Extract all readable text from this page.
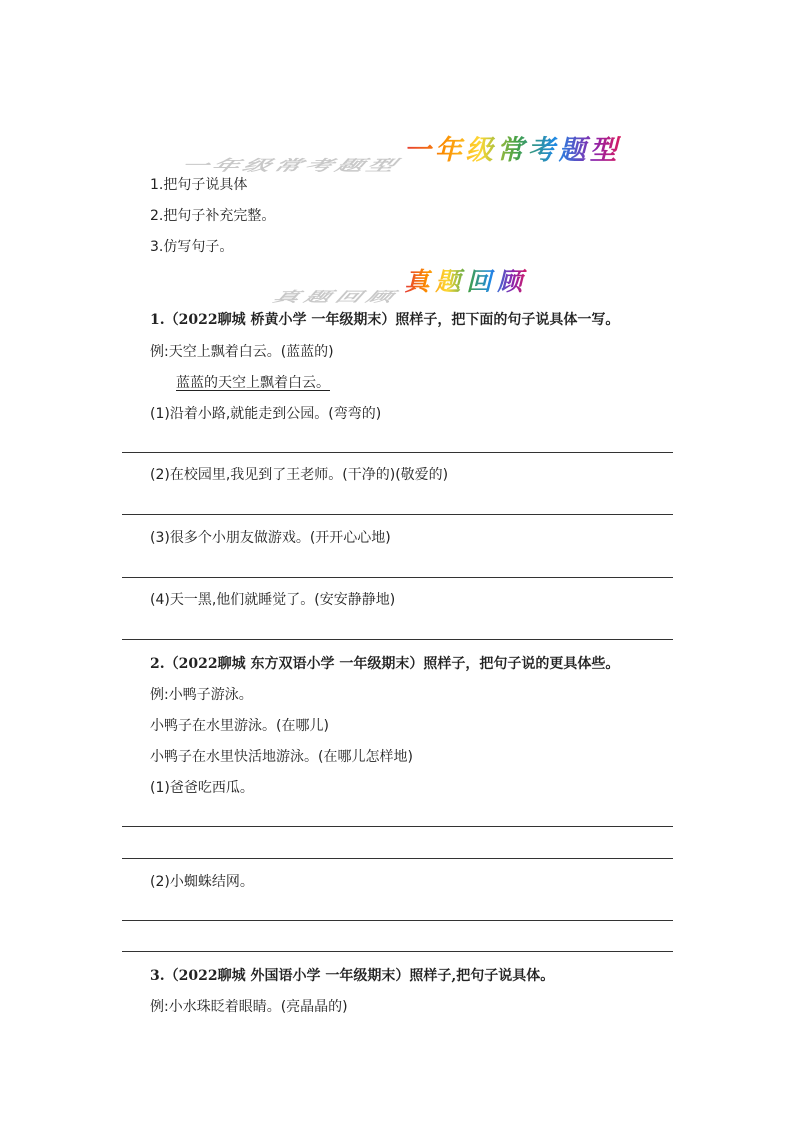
一年级常考题型 一年级常考题型
1.把句子说具体
2.把句子补充完整。
3.仿写句子。
真题回顾 真题回顾
1.（2022聊城 桥黄小学 一年级期末）照样子，把下面的句子说具体一写。
例:天空上飘着白云。(蓝蓝的)
蓝蓝的天空上飘着白云。
(1)沿着小路,就能走到公园。(弯弯的)
(2)在校园里,我见到了王老师。(干净的)(敬爱的)
(3)很多个小朋友做游戏。(开开心心地)
(4)天一黑,他们就睡觉了。(安安静静地)
2.（2022聊城 东方双语小学 一年级期末）照样子，把句子说的更具体些。
例:小鸭子游泳。
小鸭子在水里游泳。(在哪儿)
小鸭子在水里快活地游泳。(在哪儿怎样地)
(1)爸爸吃西瓜。
(2)小蜘蛛结网。
3.（2022聊城 外国语小学 一年级期末）照样子,把句子说具体。
例:小水珠眨着眼睛。(亮晶晶的)
